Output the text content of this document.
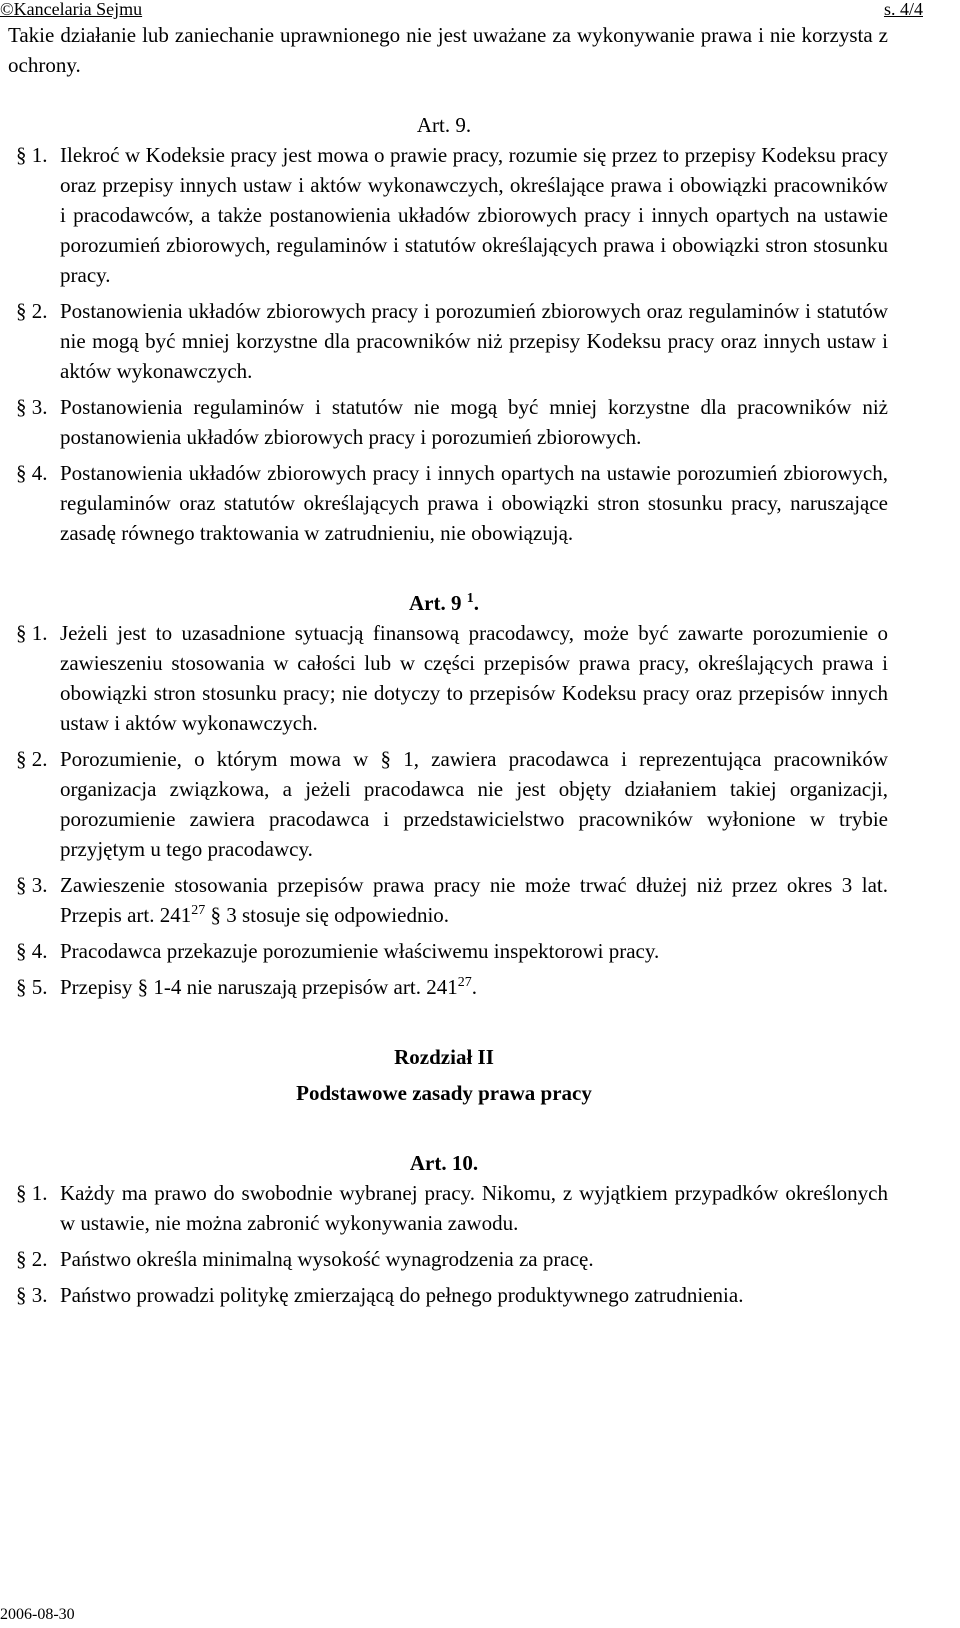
©Kancelaria Sejmu	s. 4/4

Takie działanie lub zaniechanie uprawnionego nie jest uważane za wykonywanie prawa i nie korzysta z ochrony.

Art. 9.

§ 1. Ilekroć w Kodeksie pracy jest mowa o prawie pracy, rozumie się przez to przepisy Kodeksu pracy oraz przepisy innych ustaw i aktów wykonawczych, określające prawa i obowiązki pracowników i pracodawców, a także postanowienia układów zbiorowych pracy i innych opartych na ustawie porozumień zbiorowych, regulaminów i statutów określających prawa i obowiązki stron stosunku pracy.
§ 2. Postanowienia układów zbiorowych pracy i porozumień zbiorowych oraz regulaminów i statutów nie mogą być mniej korzystne dla pracowników niż przepisy Kodeksu pracy oraz innych ustaw i aktów wykonawczych.
§ 3. Postanowienia regulaminów i statutów nie mogą być mniej korzystne dla pracowników niż postanowienia układów zbiorowych pracy i porozumień zbiorowych.
§ 4. Postanowienia układów zbiorowych pracy i innych opartych na ustawie porozumień zbiorowych, regulaminów oraz statutów określających prawa i obowiązki stron stosunku pracy, naruszające zasadę równego traktowania w zatrudnieniu, nie obowiązują.

Art. 9 $^1$.

§ 1. Jeżeli jest to uzasadnione sytuacją finansową pracodawcy, może być zawarte porozumienie o zawieszeniu stosowania w całości lub w części przepisów prawa pracy, określających prawa i obowiązki stron stosunku pracy; nie dotyczy to przepisów Kodeksu pracy oraz przepisów innych ustaw i aktów wykonawczych.
§ 2. Porozumienie, o którym mowa w § 1, zawiera pracodawca i reprezentująca pracowników organizacja związkowa, a jeżeli pracodawca nie jest objęty działaniem takiej organizacji, porozumienie zawiera pracodawca i przedstawicielstwo pracowników wyłonione w trybie przyjętym u tego pracodawcy.
§ 3. Zawieszenie stosowania przepisów prawa pracy nie może trwać dłużej niż przez okres 3 lat. Przepis art. $241^{27}$ § 3 stosuje się odpowiednio.
§ 4. Pracodawca przekazuje porozumienie właściwemu inspektorowi pracy.
§ 5. Przepisy § 1-4 nie naruszają przepisów art. $241^{27}$.

Rozdział II

Podstawowe zasady prawa pracy

Art. 10.

§ 1. Każdy ma prawo do swobodnie wybranej pracy. Nikomu, z wyjątkiem przypadków określonych w ustawie, nie można zabronić wykonywania zawodu.
§ 2. Państwo określa minimalną wysokość wynagrodzenia za pracę.
§ 3. Państwo prowadzi politykę zmierzającą do pełnego produktywnego zatrudnienia.
2006-08-30
